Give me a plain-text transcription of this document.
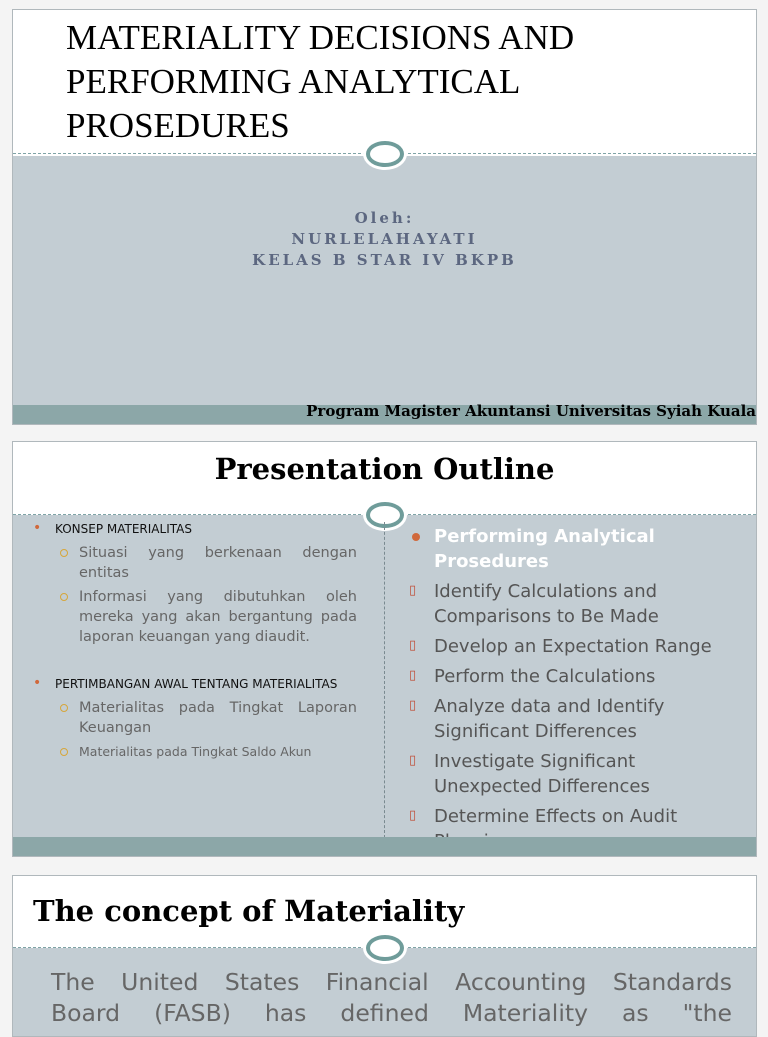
MATERIALITY DECISIONS AND
PERFORMING ANALYTICAL
PROSEDURES
Oleh:
NURLELAHAYATI
KELAS B STAR IV BKPB
Program Magister Akuntansi Universitas Syiah Kuala
Presentation Outline
• KONSEP MATERIALITAS
Situasi yang berkenaan dengan entitas
Informasi yang dibutuhkan oleh mereka yang akan bergantung pada laporan keuangan yang diaudit.
• PERTIMBANGAN AWAL TENTANG MATERIALITAS
Materialitas pada Tingkat Laporan Keuangan
Materialitas pada Tingkat Saldo Akun
Performing Analytical Prosedures
▯ Identify Calculations and Comparisons to Be Made
▯ Develop an Expectation Range
▯ Perform the Calculations
▯ Analyze data and Identify Significant Differences
▯ Investigate Significant Unexpected Differences
▯ Determine Effects on Audit
The concept of Materiality
The United States Financial Accounting Standards
Board (FASB) has defined Materiality as "the
